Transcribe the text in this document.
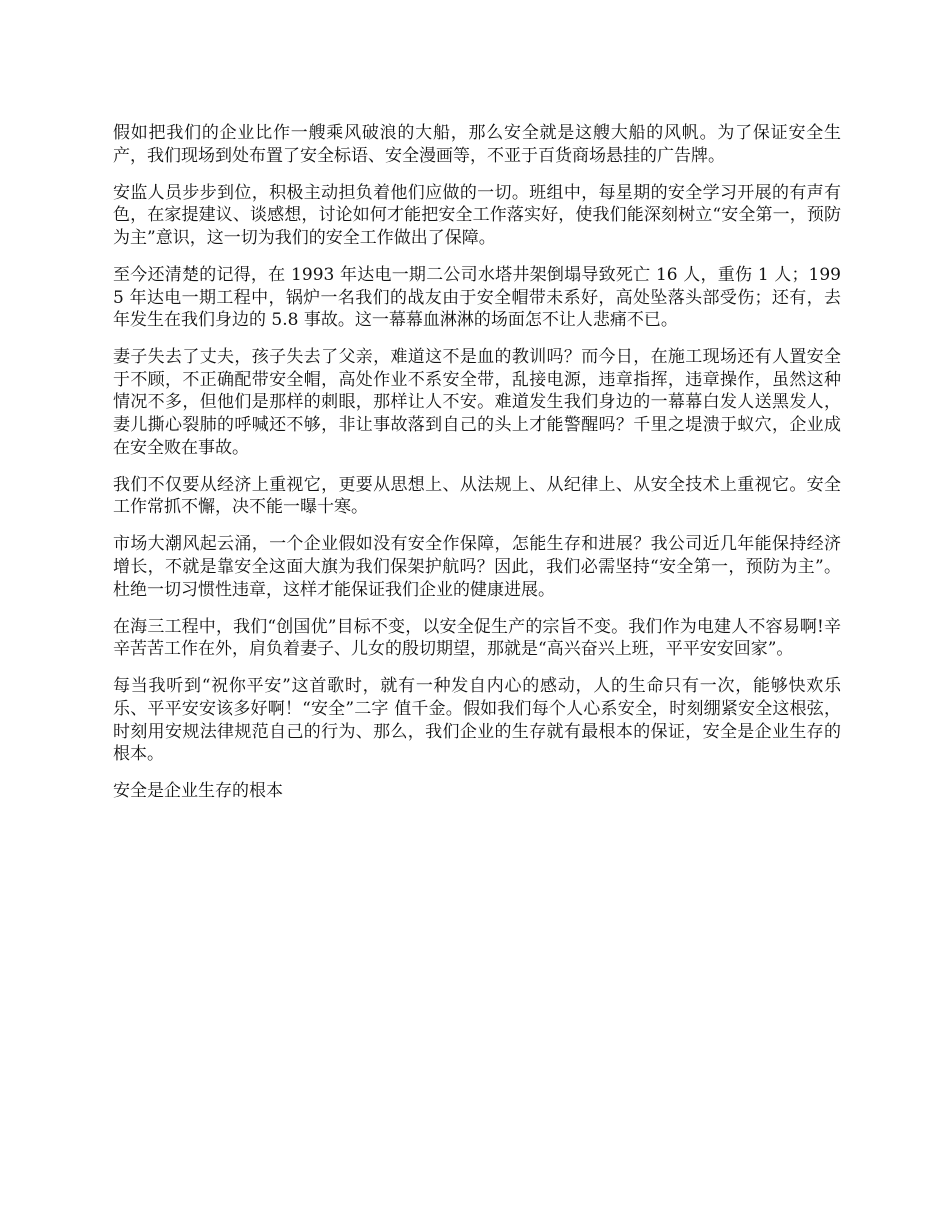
假如把我们的企业比作一艘乘风破浪的大船，那么安全就是这艘大船的风帆。为了保证安全生产，我们现场到处布置了安全标语、安全漫画等，不亚于百货商场悬挂的广告牌。

安监人员步步到位，积极主动担负着他们应做的一切。班组中，每星期的安全学习开展的有声有色，在家提建议、谈感想，讨论如何才能把安全工作落实好，使我们能深刻树立“安全第一，预防为主”意识，这一切为我们的安全工作做出了保障。

至今还清楚的记得，在 1993 年达电一期二公司水塔井架倒塌导致死亡 16 人，重伤 1 人；1995 年达电一期工程中，锅炉一名我们的战友由于安全帽带未系好，高处坠落头部受伤；还有，去年发生在我们身边的 5.8 事故。这一幕幕血淋淋的场面怎不让人悲痛不已。

妻子失去了丈夫，孩子失去了父亲，难道这不是血的教训吗？而今日，在施工现场还有人置安全于不顾，不正确配带安全帽，高处作业不系安全带，乱接电源，违章指挥，违章操作，虽然这种情况不多，但他们是那样的刺眼，那样让人不安。难道发生我们身边的一幕幕白发人送黑发人，妻儿撕心裂肺的呼喊还不够，非让事故落到自己的头上才能警醒吗？千里之堤溃于蚁穴，企业成在安全败在事故。

我们不仅要从经济上重视它，更要从思想上、从法规上、从纪律上、从安全技术上重视它。安全工作常抓不懈，决不能一曝十寒。

市场大潮风起云涌，一个企业假如没有安全作保障，怎能生存和进展？我公司近几年能保持经济增长，不就是靠安全这面大旗为我们保架护航吗？因此，我们必需坚持“安全第一，预防为主”。杜绝一切习惯性违章，这样才能保证我们企业的健康进展。

在海三工程中，我们“创国优”目标不变，以安全促生产的宗旨不变。我们作为电建人不容易啊!辛辛苦苦工作在外，肩负着妻子、儿女的殷切期望，那就是“高兴奋兴上班，平平安安回家”。

每当我听到“祝你平安”这首歌时，就有一种发自内心的感动，人的生命只有一次，能够快欢乐乐、平平安安该多好啊！“安全”二字 值千金。假如我们每个人心系安全，时刻绷紧安全这根弦，时刻用安规法律规范自己的行为、那么，我们企业的生存就有最根本的保证，安全是企业生存的根本。

安全是企业生存的根本
